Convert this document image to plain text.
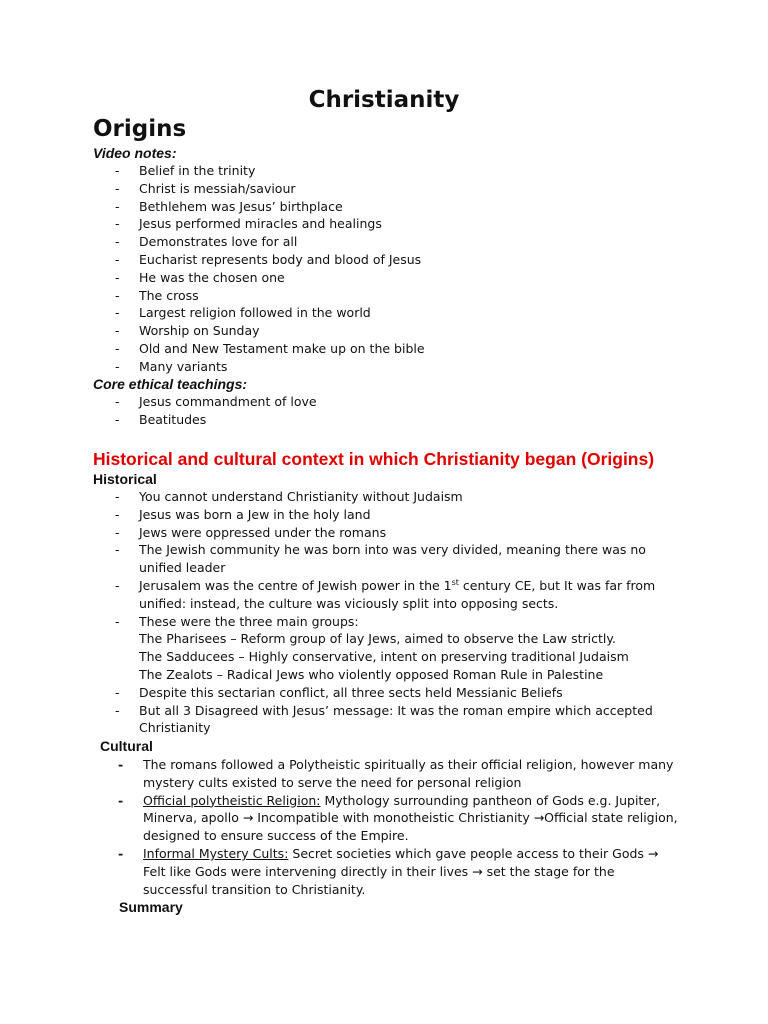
Christianity
Origins
Video notes:
- Belief in the trinity
- Christ is messiah/saviour
- Bethlehem was Jesus’ birthplace
- Jesus performed miracles and healings
- Demonstrates love for all
- Eucharist represents body and blood of Jesus
- He was the chosen one
- The cross
- Largest religion followed in the world
- Worship on Sunday
- Old and New Testament make up on the bible
- Many variants
Core ethical teachings:
- Jesus commandment of love
- Beatitudes
Historical and cultural context in which Christianity began (Origins)
Historical
- You cannot understand Christianity without Judaism
- Jesus was born a Jew in the holy land
- Jews were oppressed under the romans
- The Jewish community he was born into was very divided, meaning there was no unified leader
- Jerusalem was the centre of Jewish power in the 1st century CE, but It was far from unified: instead, the culture was viciously split into opposing sects.
- These were the three main groups:
The Pharisees – Reform group of lay Jews, aimed to observe the Law strictly.
The Sadducees – Highly conservative, intent on preserving traditional Judaism
The Zealots – Radical Jews who violently opposed Roman Rule in Palestine
- Despite this sectarian conflict, all three sects held Messianic Beliefs
- But all 3 Disagreed with Jesus’ message: It was the roman empire which accepted Christianity
Cultural
- The romans followed a Polytheistic spiritually as their official religion, however many mystery cults existed to serve the need for personal religion
- Official polytheistic Religion: Mythology surrounding pantheon of Gods e.g. Jupiter, Minerva, apollo → Incompatible with monotheistic Christianity →Official state religion, designed to ensure success of the Empire.
- Informal Mystery Cults: Secret societies which gave people access to their Gods → Felt like Gods were intervening directly in their lives → set the stage for the successful transition to Christianity.
Summary
